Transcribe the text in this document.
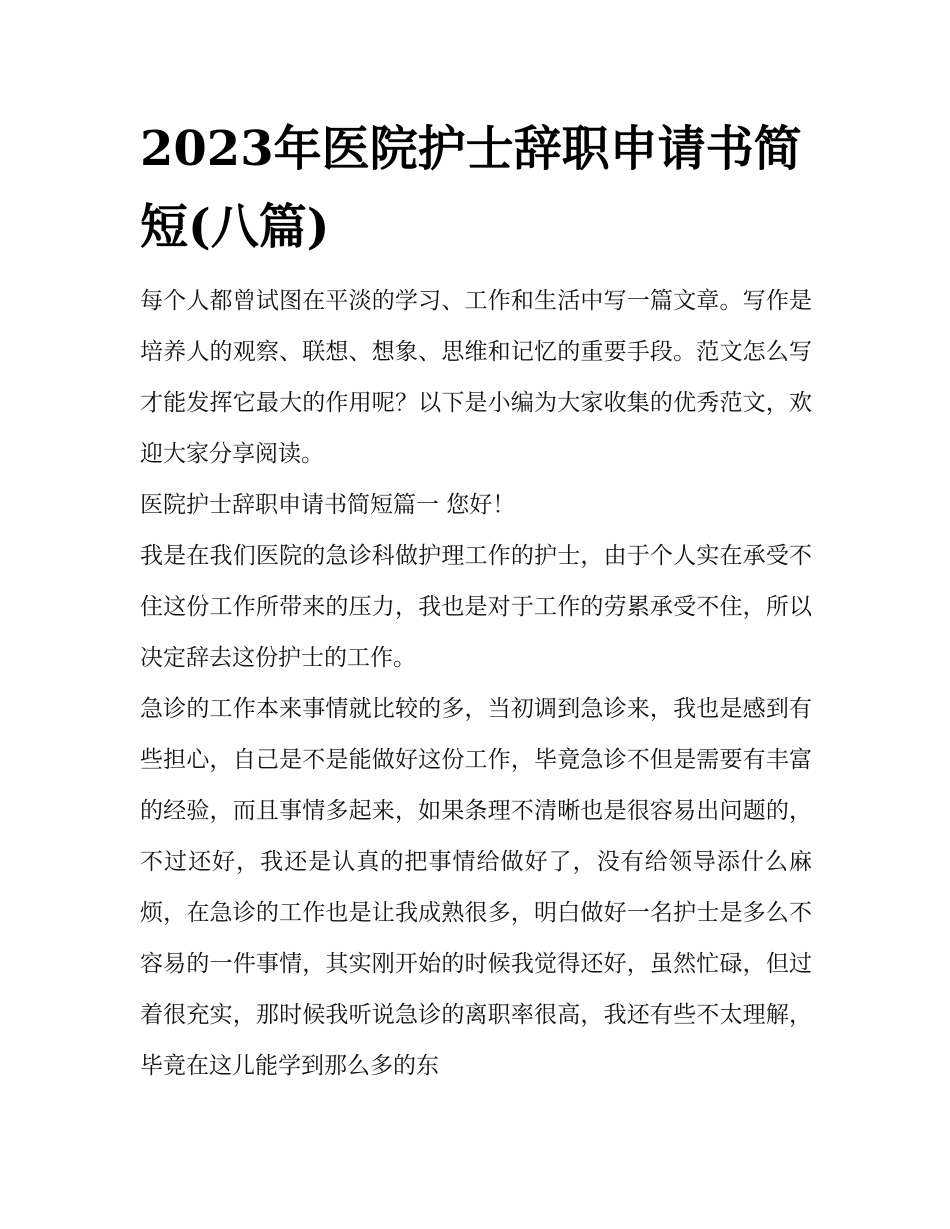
2023年医院护士辞职申请书简短(八篇)

每个人都曾试图在平淡的学习、工作和生活中写一篇文章。写作是培养人的观察、联想、想象、思维和记忆的重要手段。范文怎么写才能发挥它最大的作用呢？以下是小编为大家收集的优秀范文，欢迎大家分享阅读。

医院护士辞职申请书简短篇一 您好！

我是在我们医院的急诊科做护理工作的护士，由于个人实在承受不住这份工作所带来的压力，我也是对于工作的劳累承受不住，所以决定辞去这份护士的工作。

急诊的工作本来事情就比较的多，当初调到急诊来，我也是感到有些担心，自己是不是能做好这份工作，毕竟急诊不但是需要有丰富的经验，而且事情多起来，如果条理不清晰也是很容易出问题的，不过还好，我还是认真的把事情给做好了，没有给领导添什么麻烦，在急诊的工作也是让我成熟很多，明白做好一名护士是多么不容易的一件事情，其实刚开始的时候我觉得还好，虽然忙碌，但过着很充实，那时候我听说急诊的离职率很高，我还有些不太理解，毕竟在这儿能学到那么多的东
